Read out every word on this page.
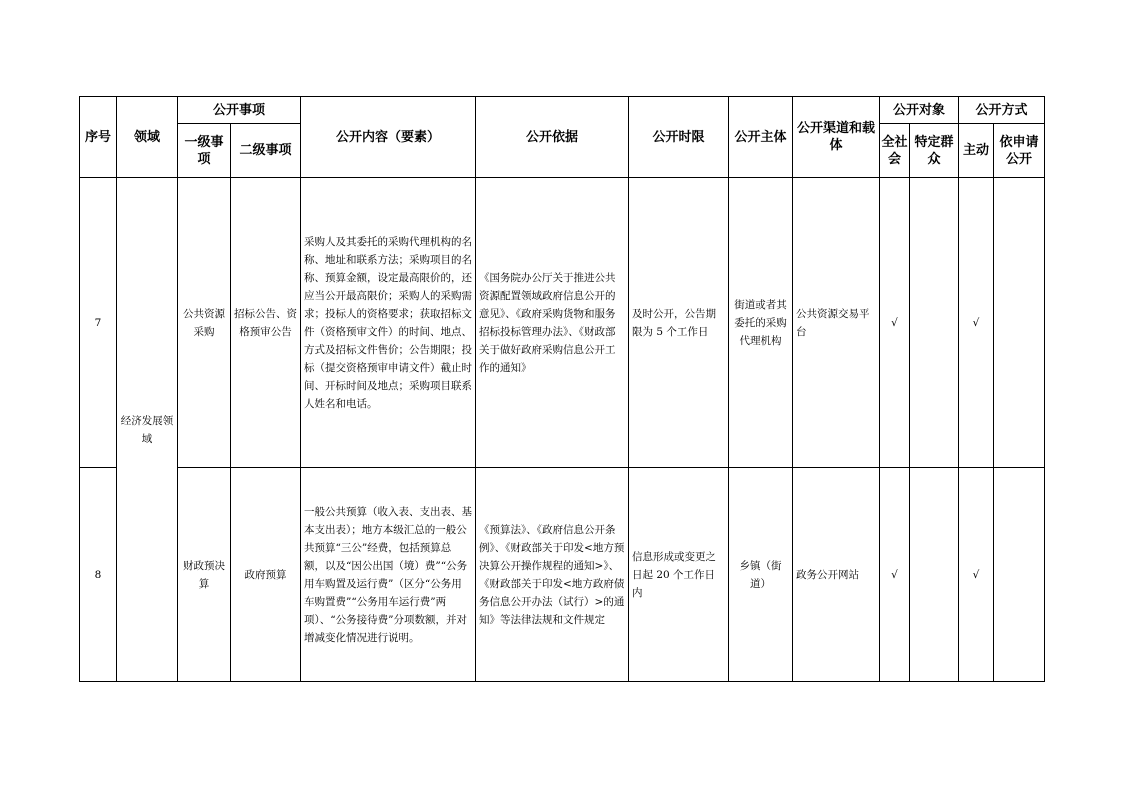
序号	领域	公开事项		公开内容（要素）	公开依据	公开时限	公开主体	公开渠道和载体	公开对象		公开方式	
		一级事项	二级事项						全社会	特定群众	主动	依申请公开
7	经济发展领域	公共资源采购	招标公告、资格预审公告	采购人及其委托的采购代理机构的名称、地址和联系方法；采购项目的名称、预算金额，设定最高限价的，还应当公开最高限价；采购人的采购需求；投标人的资格要求；获取招标文件（资格预审文件）的时间、地点、方式及招标文件售价；公告期限；投标（提交资格预审申请文件）截止时间、开标时间及地点；采购项目联系人姓名和电话。	《国务院办公厅关于推进公共资源配置领域政府信息公开的意见》、《政府采购货物和服务招标投标管理办法》、《财政部关于做好政府采购信息公开工作的通知》	及时公开，公告期限为 5 个工作日	街道或者其委托的采购代理机构	公共资源交易平台	√		√	
8		财政预决算	政府预算	一般公共预算（收入表、支出表、基本支出表）；地方本级汇总的一般公共预算“三公”经费，包括预算总额，以及“因公出国（境）费”“公务用车购置及运行费”（区分“公务用车购置费”“公务用车运行费”两项）、“公务接待费”分项数额，并对增减变化情况进行说明。	《预算法》、《政府信息公开条例》、《财政部关于印发<地方预决算公开操作规程的通知>》、《财政部关于印发<地方政府债务信息公开办法（试行）>的通知》等法律法规和文件规定	信息形成或变更之日起 20 个工作日内	乡镇（街道）	政务公开网站	√		√	
